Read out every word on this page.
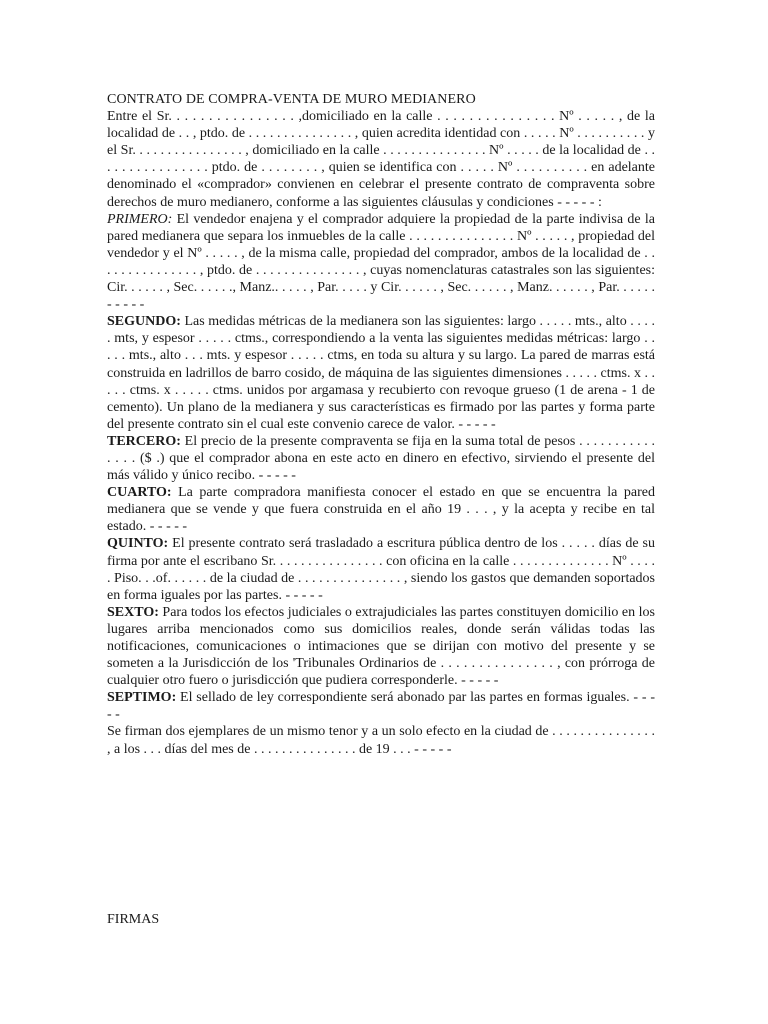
CONTRATO DE COMPRA-VENTA DE MURO MEDIANERO

Entre el Sr. . . . . . . . . . . . . . . . ,domiciliado en la calle . . . . . . . . . . . . . . . Nº . . . . . , de la localidad de . . , ptdo. de . . . . . . . . . . . . . . . , quien acredita identidad con . . . . . Nº . . . . . . . . . . y el Sr. . . . . . . . . . . . . . . . , domiciliado en la calle . . . . . . . . . . . . . . . Nº . . . . . de la localidad de . . . . . . . . . . . . . . . . ptdo. de . . . . . . . . , quien se identifica con . . . . . Nº . . . . . . . . . . en adelante denominado el «comprador» convienen en celebrar el presente contrato de compraventa sobre derechos de muro medianero, conforme a las siguientes cláusulas y condiciones - - - - - :

PRIMERO: El vendedor enajena y el comprador adquiere la propiedad de la parte indivisa de la pared medianera que separa los inmuebles de la calle . . . . . . . . . . . . . . . Nº . . . . . , propiedad del vendedor y el Nº . . . . . , de la misma calle, propiedad del comprador, ambos de la localidad de . . . . . . . . . . . . . . . , ptdo. de . . . . . . . . . . . . . . . , cuyas nomenclaturas catastrales son las siguientes: Cir. . . . . . , Sec. . . . . ., Manz.. . . . . , Par. . . . . y Cir. . . . . . , Sec. . . . . . , Manz. . . . . . , Par. . . . . . - - - - -

SEGUNDO: Las medidas métricas de la medianera son las siguientes: largo . . . . . mts., alto . . . . . mts, y espesor . . . . . ctms., correspondiendo a la venta las siguientes medidas métricas: largo . . . . . mts., alto . . . mts. y espesor . . . . . ctms, en toda su altura y su largo. La pared de marras está construida en ladrillos de barro cosido, de máquina de las siguientes dimensiones . . . . . ctms. x . . . . . ctms. x . . . . . ctms. unidos por argamasa y recubierto con revoque grueso (1 de arena - 1 de cemento). Un plano de la medianera y sus características es firmado por las partes y forma parte del presente contrato sin el cual este convenio carece de valor. - - - - -

TERCERO: El precio de la presente compraventa se fija en la suma total de pesos . . . . . . . . . . . . . . . ($ .) que el comprador abona en este acto en dinero en efectivo, sirviendo el presente del más válido y único recibo. - - - - -

CUARTO: La parte compradora manifiesta conocer el estado en que se encuentra la pared medianera que se vende y que fuera construida en el año 19 . . . , y la acepta y recibe en tal estado. - - - - -

QUINTO: El presente contrato será trasladado a escritura pública dentro de los . . . . . días de su firma por ante el escribano Sr. . . . . . . . . . . . . . . . con oficina en la calle . . . . . . . . . . . . . . Nº . . . . . Piso. . .of. . . . . . de la ciudad de . . . . . . . . . . . . . . . , siendo los gastos que demanden soportados en forma iguales por las partes. - - - - -

SEXTO: Para todos los efectos judiciales o extrajudiciales las partes constituyen domicilio en los lugares arriba mencionados como sus domicilios reales, donde serán válidas todas las notificaciones, comunicaciones o intimaciones que se dirijan con motivo del presente y se someten a la Jurisdicción de los 'Tribunales Ordinarios de . . . . . . . . . . . . . . . , con prórroga de cualquier otro fuero o jurisdicción que pudiera corresponderle. - - - - -

SEPTIMO: El sellado de ley correspondiente será abonado par las partes en formas iguales. - - - - -

Se firman dos ejemplares de un mismo tenor y a un solo efecto en la ciudad de . . . . . . . . . . . . . . . , a los . . . días del mes de . . . . . . . . . . . . . . . de 19 . . . - - - - -

FIRMAS
